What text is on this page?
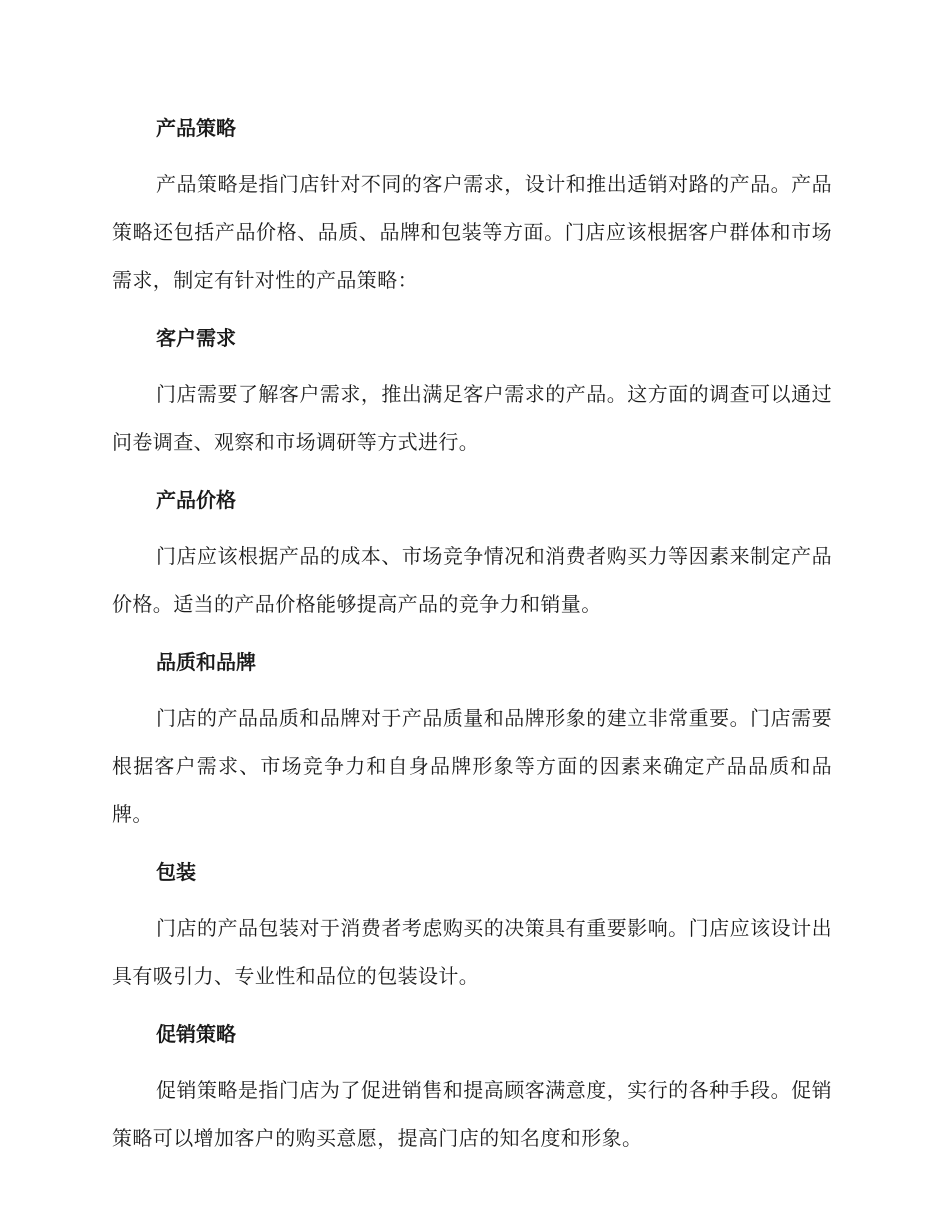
产品策略

产品策略是指门店针对不同的客户需求，设计和推出适销对路的产品。产品策略还包括产品价格、品质、品牌和包装等方面。门店应该根据客户群体和市场需求，制定有针对性的产品策略：

客户需求

门店需要了解客户需求，推出满足客户需求的产品。这方面的调查可以通过问卷调查、观察和市场调研等方式进行。

产品价格

门店应该根据产品的成本、市场竞争情况和消费者购买力等因素来制定产品价格。适当的产品价格能够提高产品的竞争力和销量。

品质和品牌

门店的产品品质和品牌对于产品质量和品牌形象的建立非常重要。门店需要根据客户需求、市场竞争力和自身品牌形象等方面的因素来确定产品品质和品牌。

包装

门店的产品包装对于消费者考虑购买的决策具有重要影响。门店应该设计出具有吸引力、专业性和品位的包装设计。

促销策略

促销策略是指门店为了促进销售和提高顾客满意度，实行的各种手段。促销策略可以增加客户的购买意愿，提高门店的知名度和形象。
